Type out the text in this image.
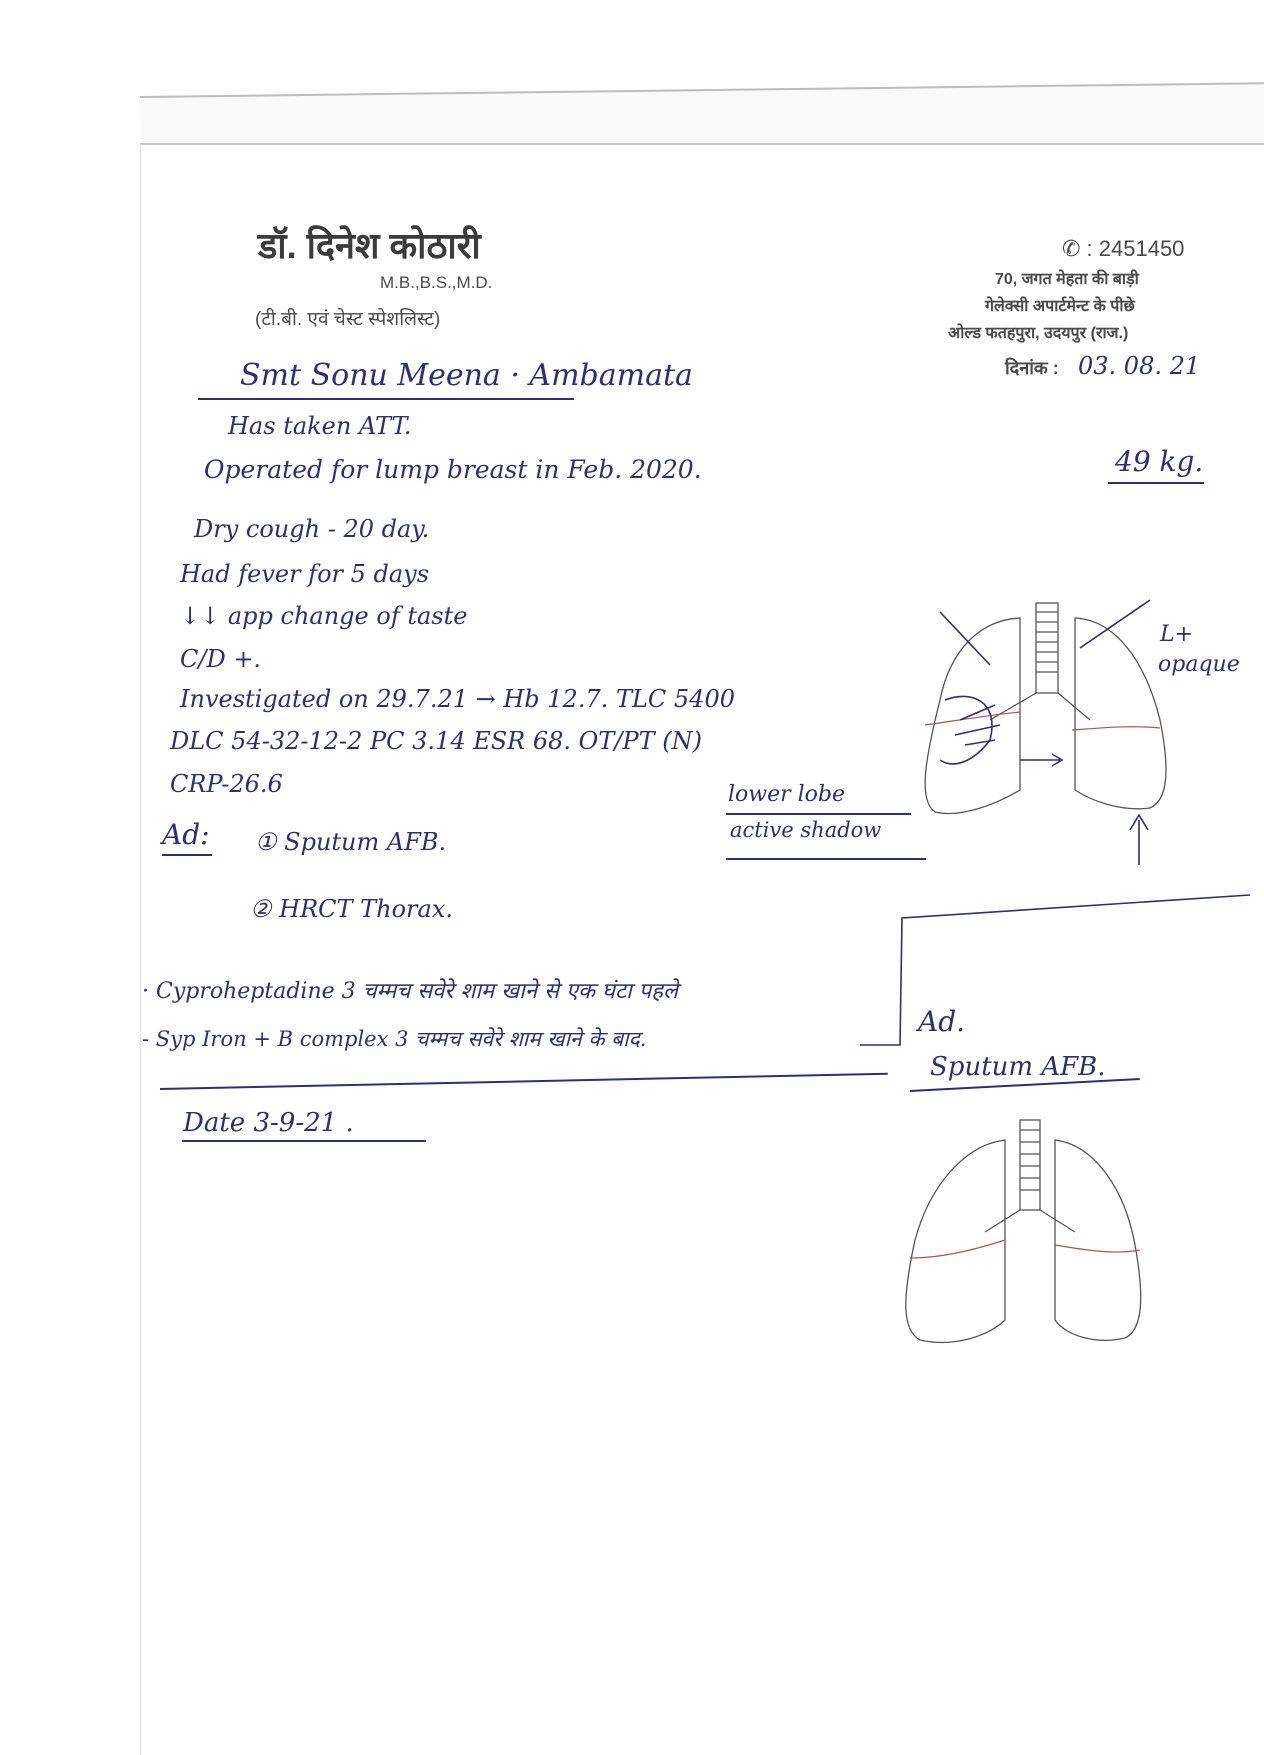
डॉ. दिनेश कोठारी
M.B.,B.S.,M.D.
(टी.बी. एवं चेस्ट स्पेशलिस्ट)
✆ : 2451450
70, जगत मेहता की बाड़ी
गेलेक्सी अपार्टमेन्ट के पीछे
ओल्ड फतहपुरा, उदयपुर (राज.)
दिनांक : 03. 08. 21
Smt Sonu Meena · Ambamata
Has taken ATT.
Operated for lump breast in Feb. 2020.	49 kg.
Dry cough - 20 day.
Had fever for 5 days
↓↓ app change of taste
C/D +.
Investigated on 29.7.21 → Hb 12.7. TLC 5400
DLC 54-32-12-2 PC 3.14 ESR 68. OT/PT (N)
CRP-26.6
L+
opaque
lower lobe
active shadow
Ad: ① Sputum AFB.
② HRCT Thorax.
· Cyproheptadine 3 चम्मच सवेरे शाम खाने से एक घंटा पहले
- Syp Iron + B complex 3 चम्मच सवेरे शाम खाने के बाद.
Ad.
Sputum AFB.
Date 3-9-21 .
